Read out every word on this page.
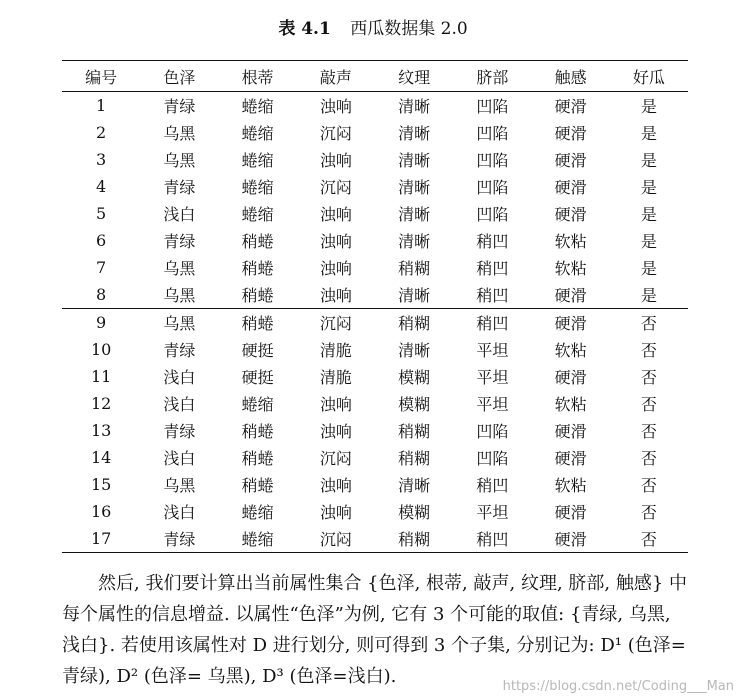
表 4.1 西瓜数据集 2.0
编号	色泽	根蒂	敲声	纹理	脐部	触感	好瓜
1	青绿	蜷缩	浊响	清晰	凹陷	硬滑	是
2	乌黑	蜷缩	沉闷	清晰	凹陷	硬滑	是
3	乌黑	蜷缩	浊响	清晰	凹陷	硬滑	是
4	青绿	蜷缩	沉闷	清晰	凹陷	硬滑	是
5	浅白	蜷缩	浊响	清晰	凹陷	硬滑	是
6	青绿	稍蜷	浊响	清晰	稍凹	软粘	是
7	乌黑	稍蜷	浊响	稍糊	稍凹	软粘	是
8	乌黑	稍蜷	浊响	清晰	稍凹	硬滑	是
9	乌黑	稍蜷	沉闷	稍糊	稍凹	硬滑	否
10	青绿	硬挺	清脆	清晰	平坦	软粘	否
11	浅白	硬挺	清脆	模糊	平坦	硬滑	否
12	浅白	蜷缩	浊响	模糊	平坦	软粘	否
13	青绿	稍蜷	浊响	稍糊	凹陷	硬滑	否
14	浅白	稍蜷	沉闷	稍糊	凹陷	硬滑	否
15	乌黑	稍蜷	浊响	清晰	稍凹	软粘	否
16	浅白	蜷缩	浊响	模糊	平坦	硬滑	否
17	青绿	蜷缩	沉闷	稍糊	稍凹	硬滑	否

然后, 我们要计算出当前属性集合 {色泽, 根蒂, 敲声, 纹理, 脐部, 触感} 中每个属性的信息增益. 以属性“色泽”为例, 它有 3 个可能的取值: {青绿, 乌黑, 浅白}. 若使用该属性对 D 进行划分, 则可得到 3 个子集, 分别记为: D¹ (色泽=青绿), D² (色泽= 乌黑), D³ (色泽=浅白).	https://blog.csdn.net/Coding___Man
